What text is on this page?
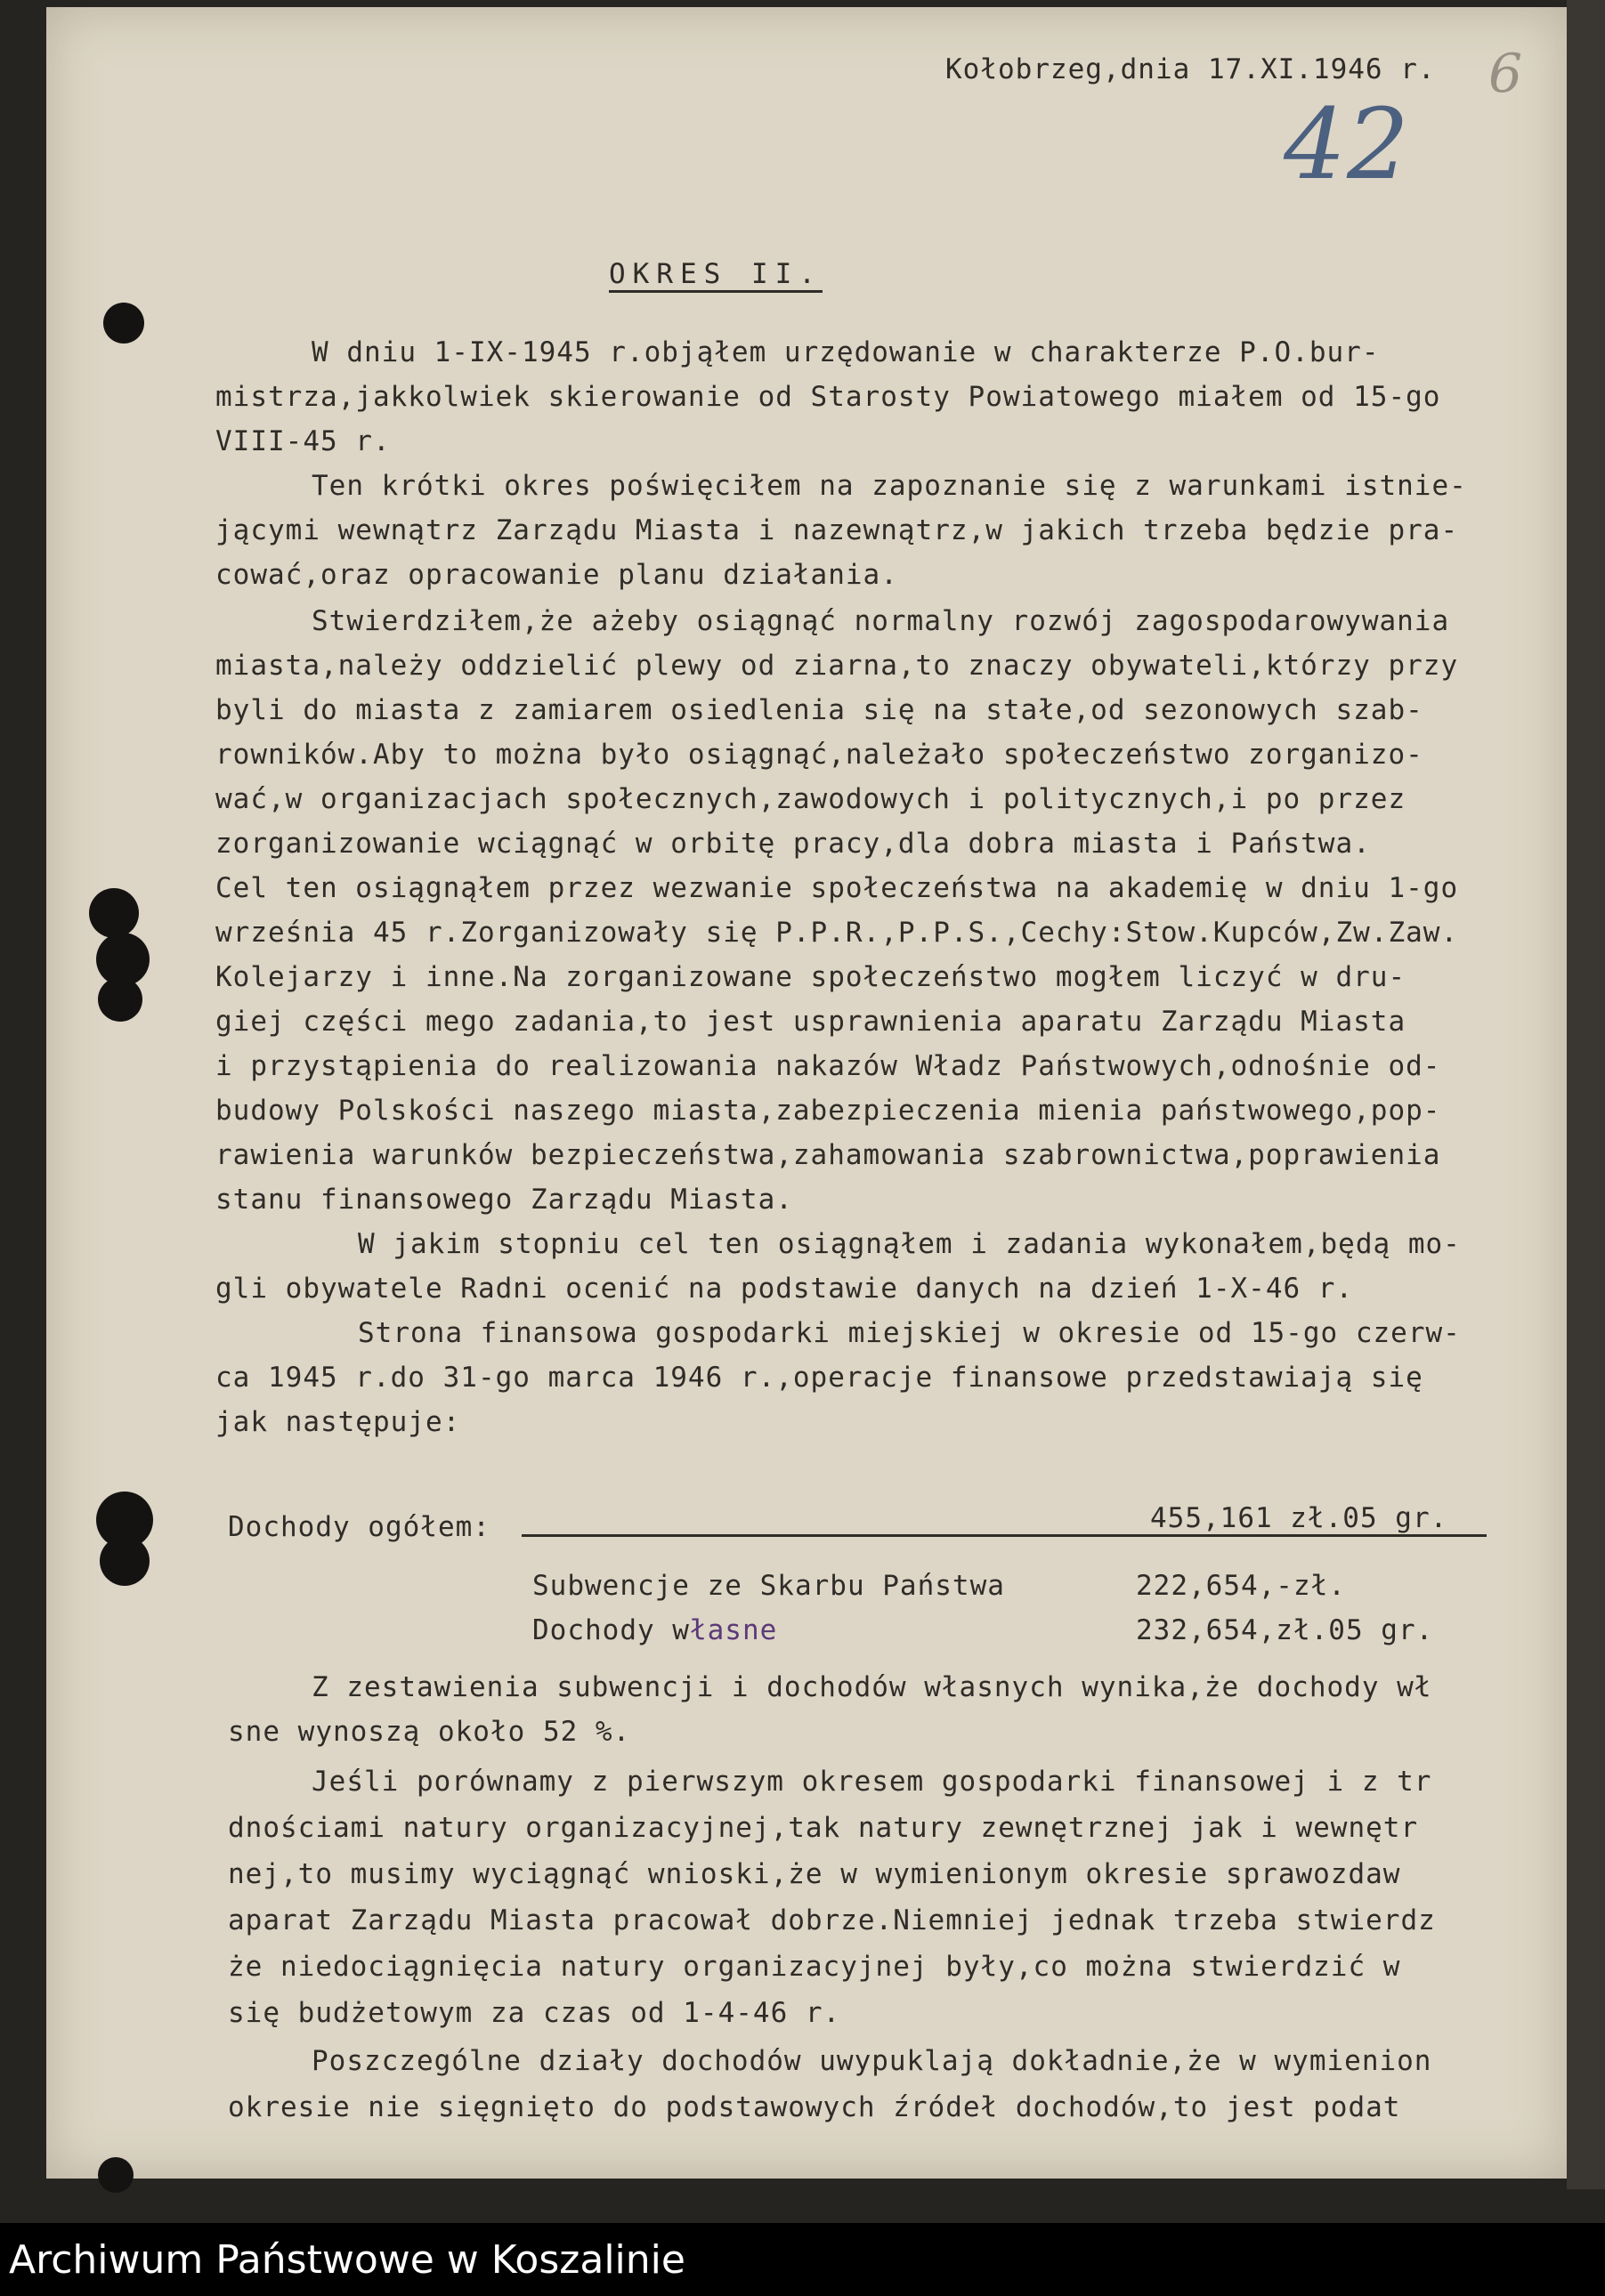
Kołobrzeg,dnia 17.XI.1946 r.
42
6
OKRES II.
W dniu 1-IX-1945 r.objąłem urzędowanie w charakterze P.O.bur-
mistrza,jakkolwiek skierowanie od Starosty Powiatowego miałem od 15-go
VIII-45 r.
Ten krótki okres poświęciłem na zapoznanie się z warunkami istnie-
jącymi wewnątrz Zarządu Miasta i nazewnątrz,w jakich trzeba będzie pra-
cować,oraz opracowanie planu działania.
Stwierdziłem,że ażeby osiągnąć normalny rozwój zagospodarowywania
miasta,należy oddzielić plewy od ziarna,to znaczy obywateli,którzy przy
byli do miasta z zamiarem osiedlenia się na stałe,od sezonowych szab-
rowników.Aby to można było osiągnąć,należało społeczeństwo zorganizo-
wać,w organizacjach społecznych,zawodowych i politycznych,i po przez
zorganizowanie wciągnąć w orbitę pracy,dla dobra miasta i Państwa.
Cel ten osiągnąłem przez wezwanie społeczeństwa na akademię w dniu 1-go
września 45 r.Zorganizowały się P.P.R.,P.P.S.,Cechy:Stow.Kupców,Zw.Zaw.
Kolejarzy i inne.Na zorganizowane społeczeństwo mogłem liczyć w dru-
giej części mego zadania,to jest usprawnienia aparatu Zarządu Miasta
i przystąpienia do realizowania nakazów Władz Państwowych,odnośnie od-
budowy Polskości naszego miasta,zabezpieczenia mienia państwowego,pop-
rawienia warunków bezpieczeństwa,zahamowania szabrownictwa,poprawienia
stanu finansowego Zarządu Miasta.
W jakim stopniu cel ten osiągnąłem i zadania wykonałem,będą mo-
gli obywatele Radni ocenić na podstawie danych na dzień 1-X-46 r.
Strona finansowa gospodarki miejskiej w okresie od 15-go czerw-
ca 1945 r.do 31-go marca 1946 r.,operacje finansowe przedstawiają się
jak następuje:
Dochody ogółem:	455,161 zł.05 gr.
Subwencje ze Skarbu Państwa	222,654,-zł.
Dochody własne	232,654,zł.05 gr.
Z zestawienia subwencji i dochodów własnych wynika,że dochody wł
sne wynoszą około 52 %.
Jeśli porównamy z pierwszym okresem gospodarki finansowej i z tr
dnościami natury organizacyjnej,tak natury zewnętrznej jak i wewnętr
nej,to musimy wyciągnąć wnioski,że w wymienionym okresie sprawozdaw
aparat Zarządu Miasta pracował dobrze.Niemniej jednak trzeba stwierdz
że niedociągnięcia natury organizacyjnej były,co można stwierdzić w
się budżetowym za czas od 1-4-46 r.
Poszczególne działy dochodów uwypuklają dokładnie,że w wymienion
okresie nie sięgnięto do podstawowych źródeł dochodów,to jest podat
Archiwum Państwowe w Koszalinie
